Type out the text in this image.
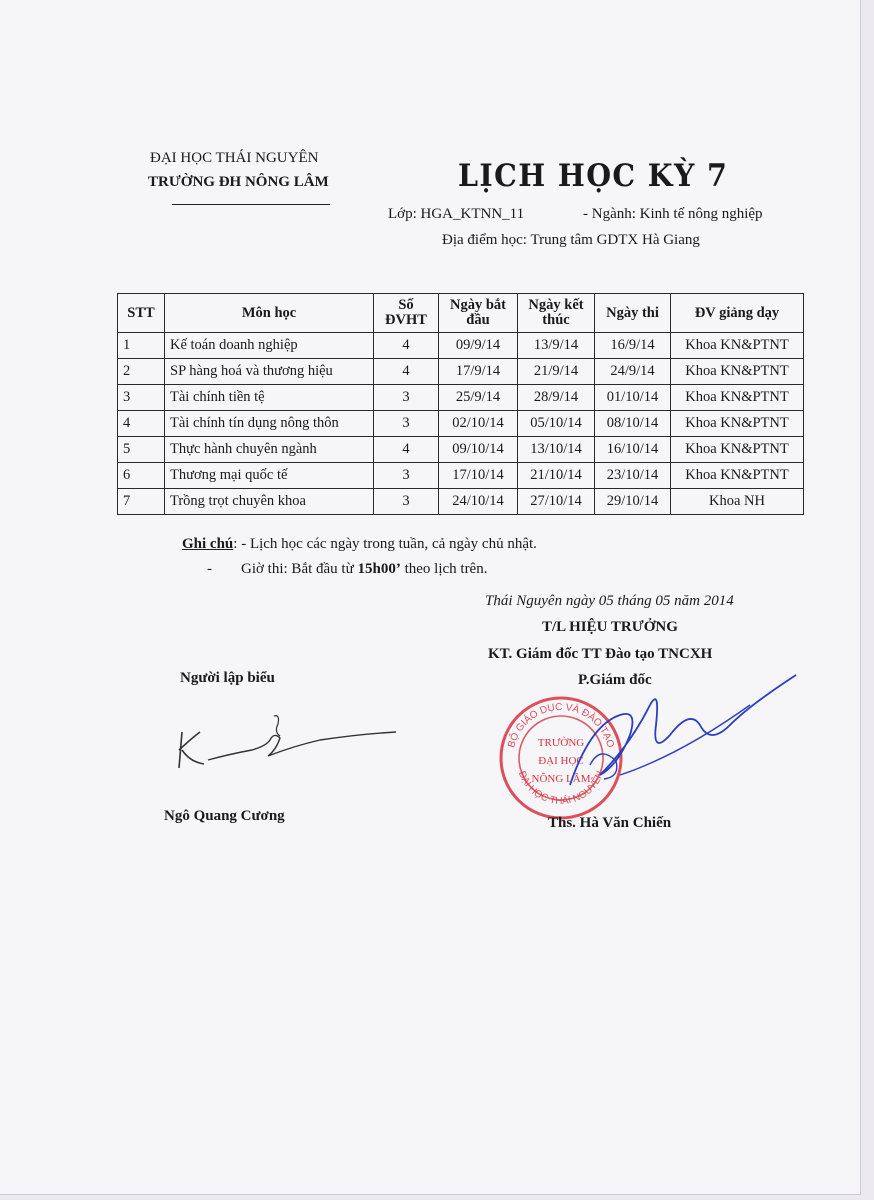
ĐẠI HỌC THÁI NGUYÊN
TRƯỜNG ĐH NÔNG LÂM	LỊCH HỌC KỲ 7
Lớp: HGA_KTNN_11	- Ngành: Kinh tế nông nghiệp
Địa điểm học: Trung tâm GDTX Hà Giang
STT	Môn học	Số ĐVHT	Ngày bắt đầu	Ngày kết thúc	Ngày thi	ĐV giảng dạy
1	Kế toán doanh nghiệp	4	09/9/14	13/9/14	16/9/14	Khoa KN&PTNT
2	SP hàng hoá và thương hiệu	4	17/9/14	21/9/14	24/9/14	Khoa KN&PTNT
3	Tài chính tiền tệ	3	25/9/14	28/9/14	01/10/14	Khoa KN&PTNT
4	Tài chính tín dụng nông thôn	3	02/10/14	05/10/14	08/10/14	Khoa KN&PTNT
5	Thực hành chuyên ngành	4	09/10/14	13/10/14	16/10/14	Khoa KN&PTNT
6	Thương mại quốc tế	3	17/10/14	21/10/14	23/10/14	Khoa KN&PTNT
7	Trồng trọt chuyên khoa	3	24/10/14	27/10/14	29/10/14	Khoa NH
Ghi chú: - Lịch học các ngày trong tuần, cả ngày chủ nhật.
- Giờ thi: Bắt đầu từ 15h00’ theo lịch trên.
Thái Nguyên ngày 05 tháng 05 năm 2014
T/L HIỆU TRƯỞNG
KT. Giám đốc TT Đào tạo TNCXH
P.Giám đốc
Người lập biểu
Ngô Quang Cương
BỘ GIÁO DỤC VÀ ĐÀO TẠO
ĐẠI HỌC THÁI NGUYÊN
TRƯỜNG
ĐẠI HỌC
NÔNG LÂM
Ths. Hà Văn Chiến
